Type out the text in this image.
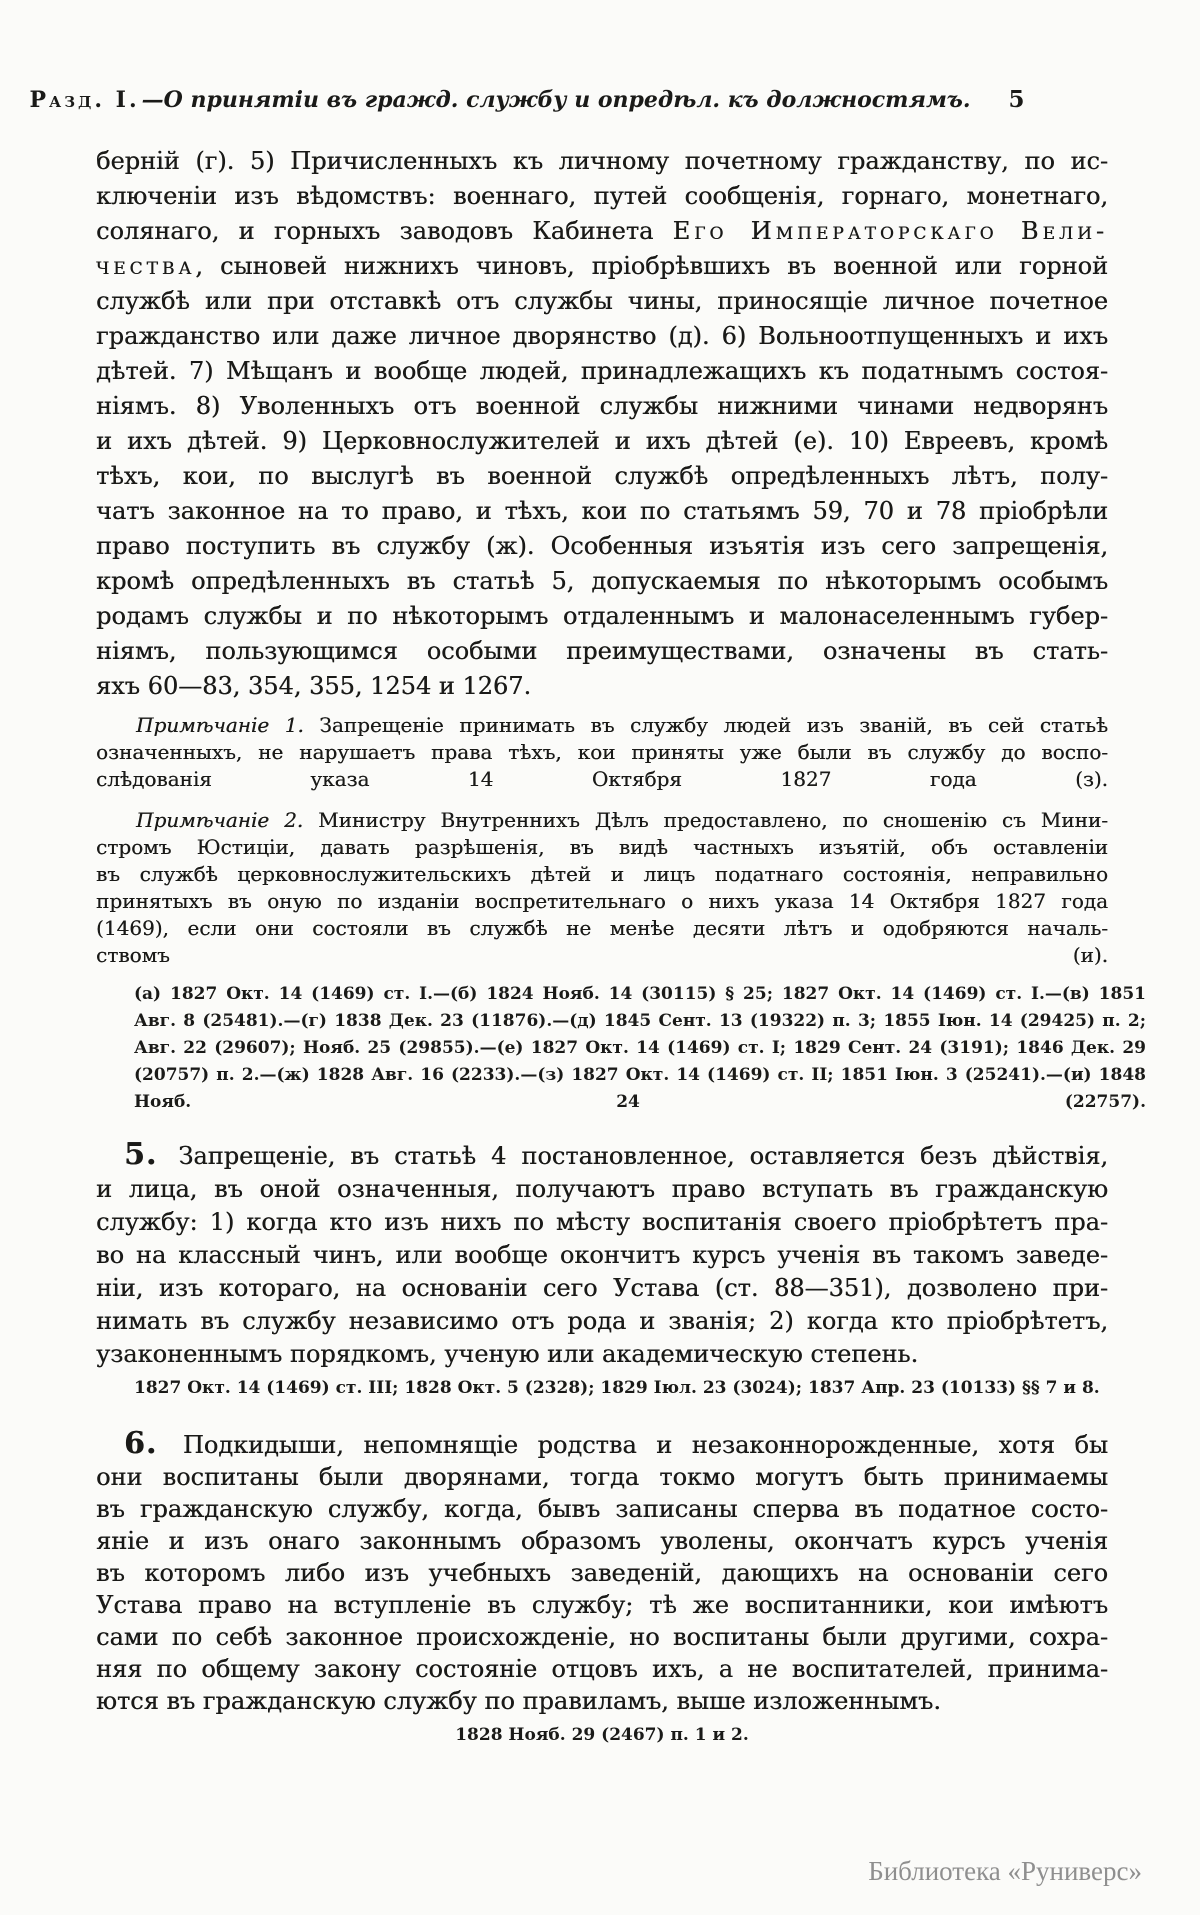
Разд. I. —О принятіи въ гражд. службу и опредѣл. къ должностямъ. 5
берній (г). 5) Причисленныхъ къ личному почетному гражданству, по ис-
ключеніи изъ вѣдомствъ: военнаго, путей сообщенія, горнаго, монетнаго,
солянаго, и горныхъ заводовъ Кабинета Его Императорскаго Вели-
чества, сыновей нижнихъ чиновъ, пріобрѣвшихъ въ военной или горной
службѣ или при отставкѣ отъ службы чины, приносящіе личное почетное
гражданство или даже личное дворянство (д). 6) Вольноотпущенныхъ и ихъ
дѣтей. 7) Мѣщанъ и вообще людей, принадлежащихъ къ податнымъ состоя-
ніямъ. 8) Уволенныхъ отъ военной службы нижними чинами недворянъ
и ихъ дѣтей. 9) Церковнослужителей и ихъ дѣтей (е). 10) Евреевъ, кромѣ
тѣхъ, кои, по выслугѣ въ военной службѣ опредѣленныхъ лѣтъ, полу-
чатъ законное на то право, и тѣхъ, кои по статьямъ 59, 70 и 78 пріобрѣли
право поступить въ службу (ж). Особенныя изъятія изъ сего запрещенія,
кромѣ опредѣленныхъ въ статьѣ 5, допускаемыя по нѣкоторымъ особымъ
родамъ службы и по нѣкоторымъ отдаленнымъ и малонаселеннымъ губер-
ніямъ, пользующимся особыми преимуществами, означены въ стать-
яхъ 60—83, 354, 355, 1254 и 1267.
Примѣчаніе 1. Запрещеніе принимать въ службу людей изъ званій, въ сей статьѣ
означенныхъ, не нарушаетъ права тѣхъ, кои приняты уже были въ службу до воспо-
слѣдованія указа 14 Октября 1827 года (з).
Примѣчаніе 2. Министру Внутреннихъ Дѣлъ предоставлено, по сношенію съ Мини-
стромъ Юстиціи, давать разрѣшенія, въ видѣ частныхъ изъятій, объ оставленіи
въ службѣ церковнослужительскихъ дѣтей и лицъ податнаго состоянія, неправильно
принятыхъ въ оную по изданіи воспретительнаго о нихъ указа 14 Октября 1827 года
(1469), если они состояли въ службѣ не менѣе десяти лѣтъ и одобряются началь-
ствомъ (и).
(а) 1827 Окт. 14 (1469) ст. I.—(б) 1824 Нояб. 14 (30115) § 25; 1827 Окт. 14 (1469) ст. I.—(в) 1851
Авг. 8 (25481).—(г) 1838 Дек. 23 (11876).—(д) 1845 Сент. 13 (19322) п. 3; 1855 Іюн. 14 (29425) п. 2;
Авг. 22 (29607); Нояб. 25 (29855).—(е) 1827 Окт. 14 (1469) ст. I; 1829 Сент. 24 (3191); 1846 Дек. 29
(20757) п. 2.—(ж) 1828 Авг. 16 (2233).—(з) 1827 Окт. 14 (1469) ст. II; 1851 Іюн. 3 (25241).—(и) 1848
Нояб. 24 (22757).
5. Запрещеніе, въ статьѣ 4 постановленное, оставляется безъ дѣйствія,
и лица, въ оной означенныя, получаютъ право вступать въ гражданскую
службу: 1) когда кто изъ нихъ по мѣсту воспитанія своего пріобрѣтетъ пра-
во на классный чинъ, или вообще окончитъ курсъ ученія въ такомъ заведе-
ніи, изъ котораго, на основаніи сего Устава (ст. 88—351), дозволено при-
нимать въ службу независимо отъ рода и званія; 2) когда кто пріобрѣтетъ,
узаконеннымъ порядкомъ, ученую или академическую степень.
1827 Окт. 14 (1469) ст. III; 1828 Окт. 5 (2328); 1829 Іюл. 23 (3024); 1837 Апр. 23 (10133) §§ 7 и 8.
6. Подкидыши, непомнящіе родства и незаконнорожденные, хотя бы
они воспитаны были дворянами, тогда токмо могутъ быть принимаемы
въ гражданскую службу, когда, бывъ записаны сперва въ податное состо-
яніе и изъ онаго законнымъ образомъ уволены, окончатъ курсъ ученія
въ которомъ либо изъ учебныхъ заведеній, дающихъ на основаніи сего
Устава право на вступленіе въ службу; тѣ же воспитанники, кои имѣютъ
сами по себѣ законное происхожденіе, но воспитаны были другими, сохра-
няя по общему закону состояніе отцовъ ихъ, а не воспитателей, принима-
ются въ гражданскую службу по правиламъ, выше изложеннымъ.
1828 Нояб. 29 (2467) п. 1 и 2.
Библиотека «Руниверс»
